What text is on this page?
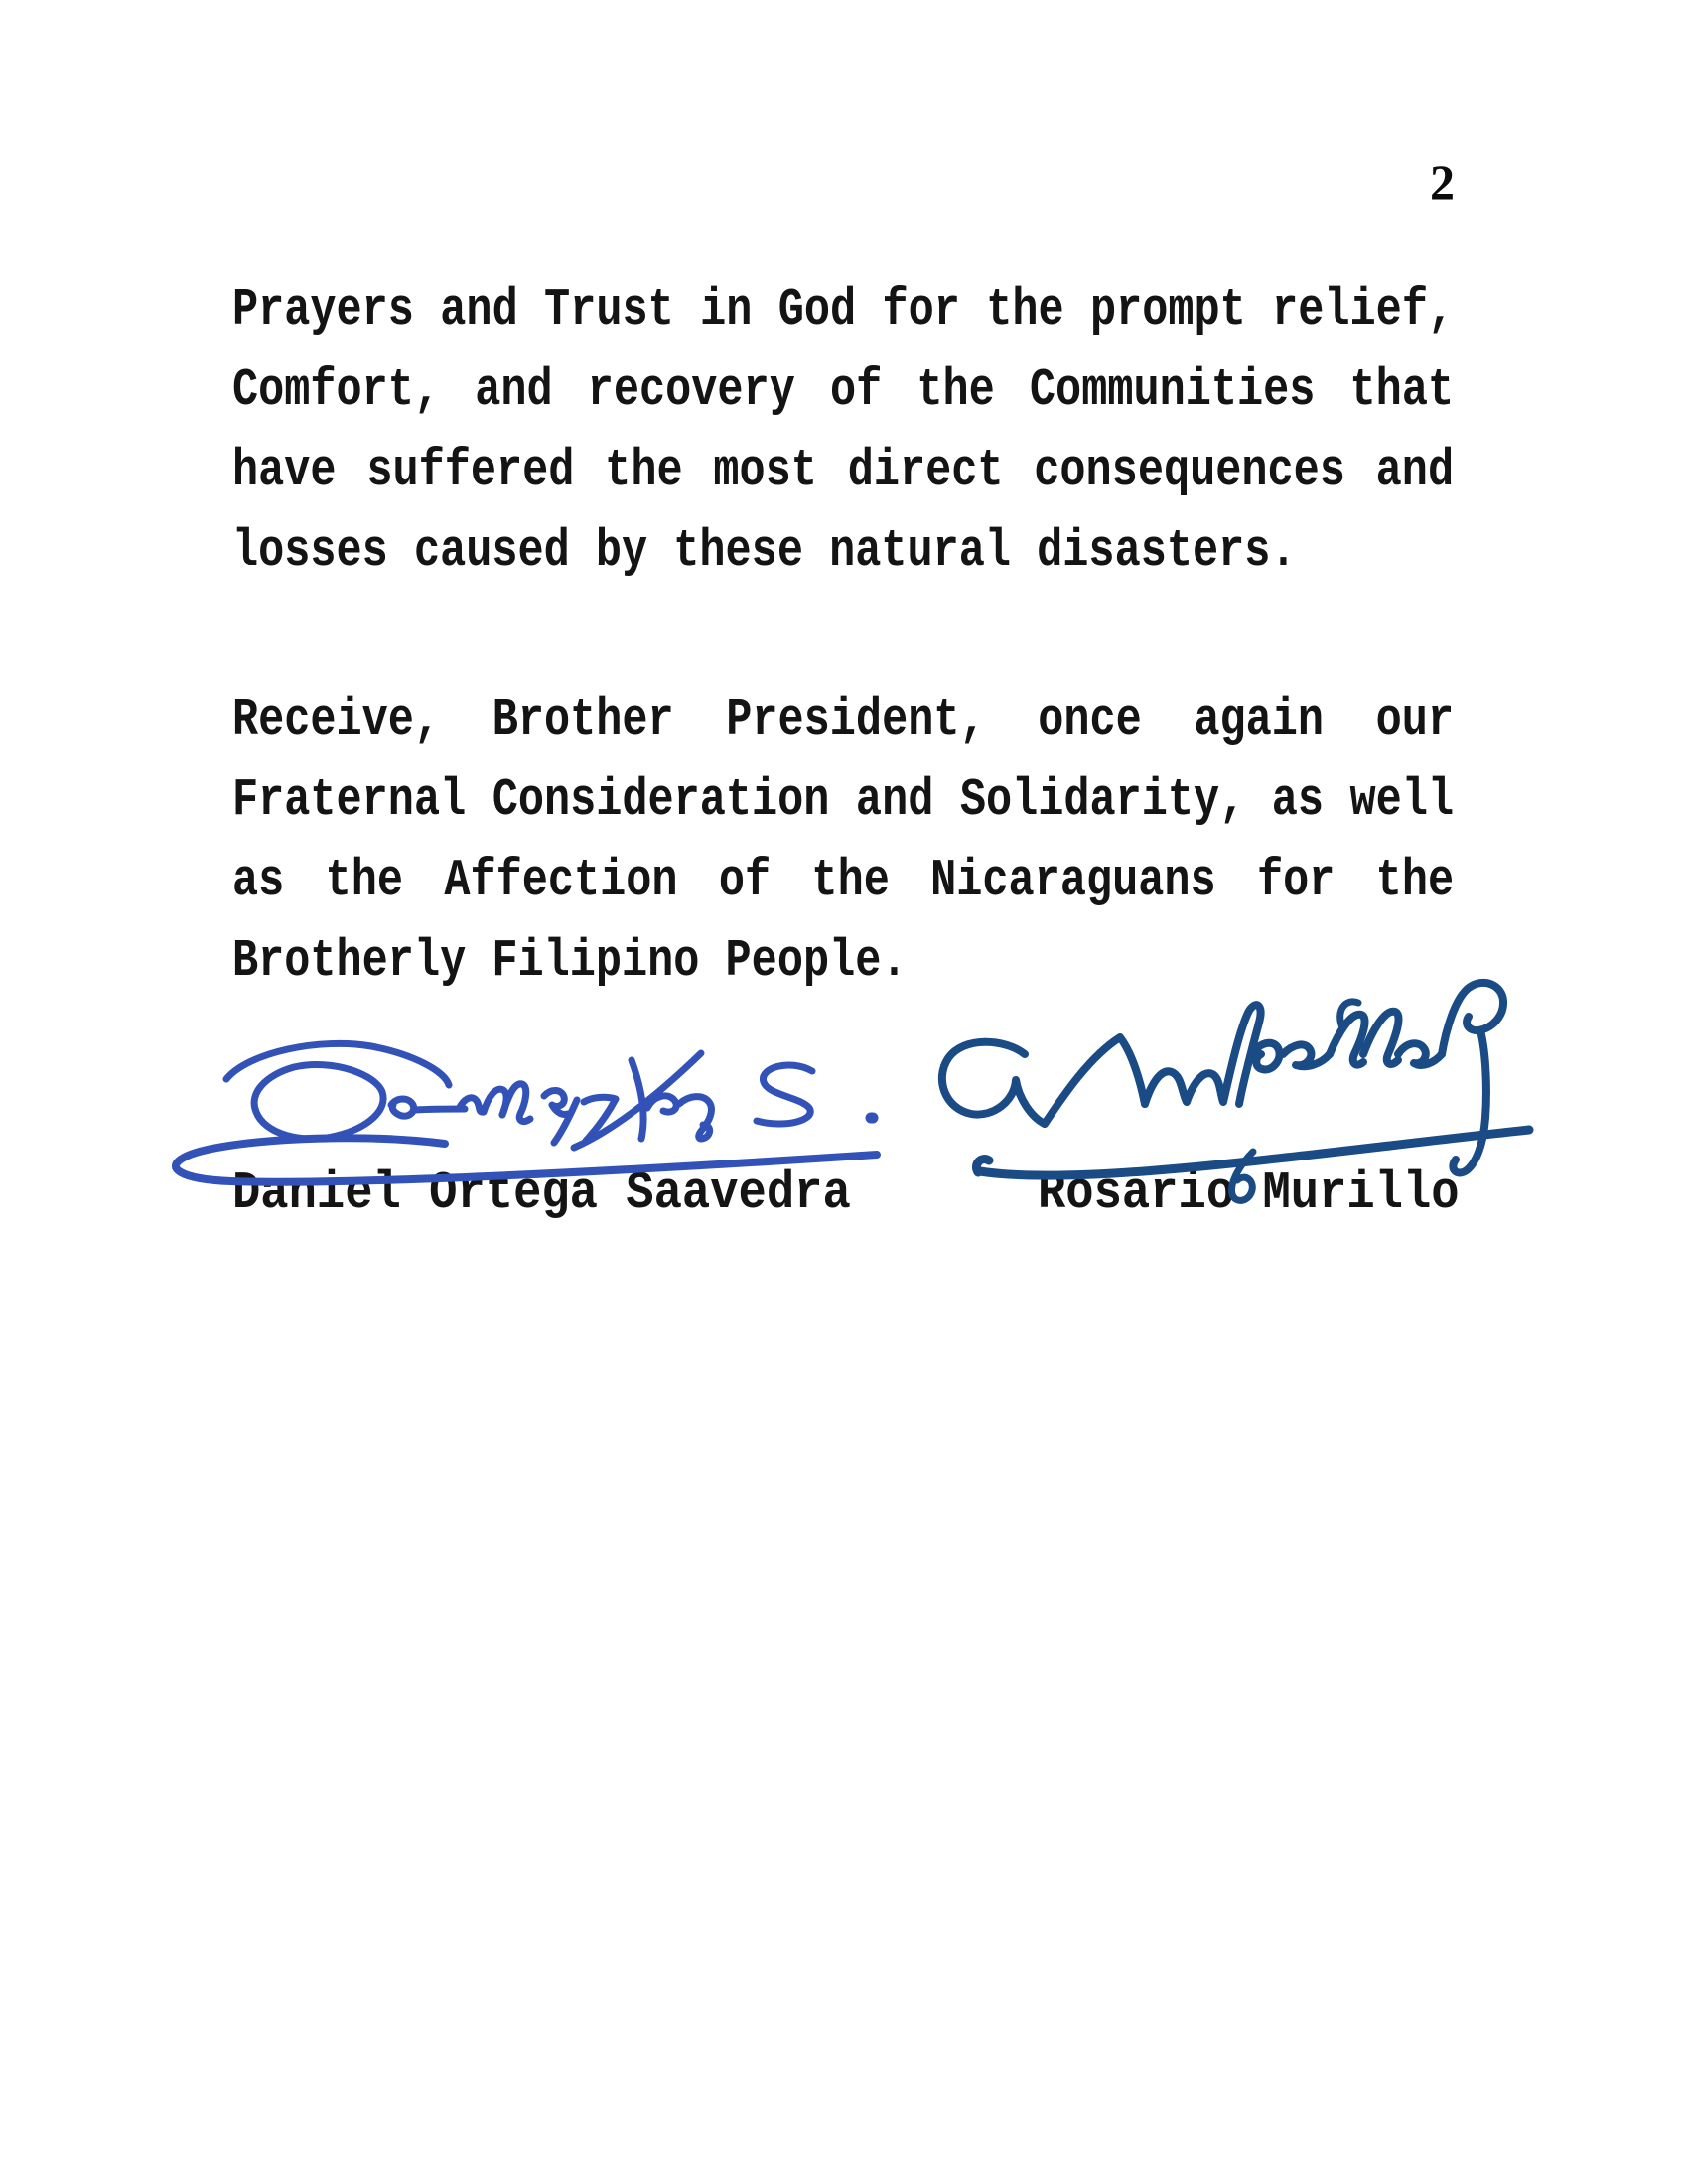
2
Prayers and Trust in God for the prompt relief,
Comfort, and recovery of the Communities that
have suffered the most direct consequences and
losses caused by these natural disasters.
Receive, Brother President, once again our
Fraternal Consideration and Solidarity, as well
as the Affection of the Nicaraguans for the
Brotherly Filipino People.
Daniel Ortega Saavedra	Rosario Murillo
